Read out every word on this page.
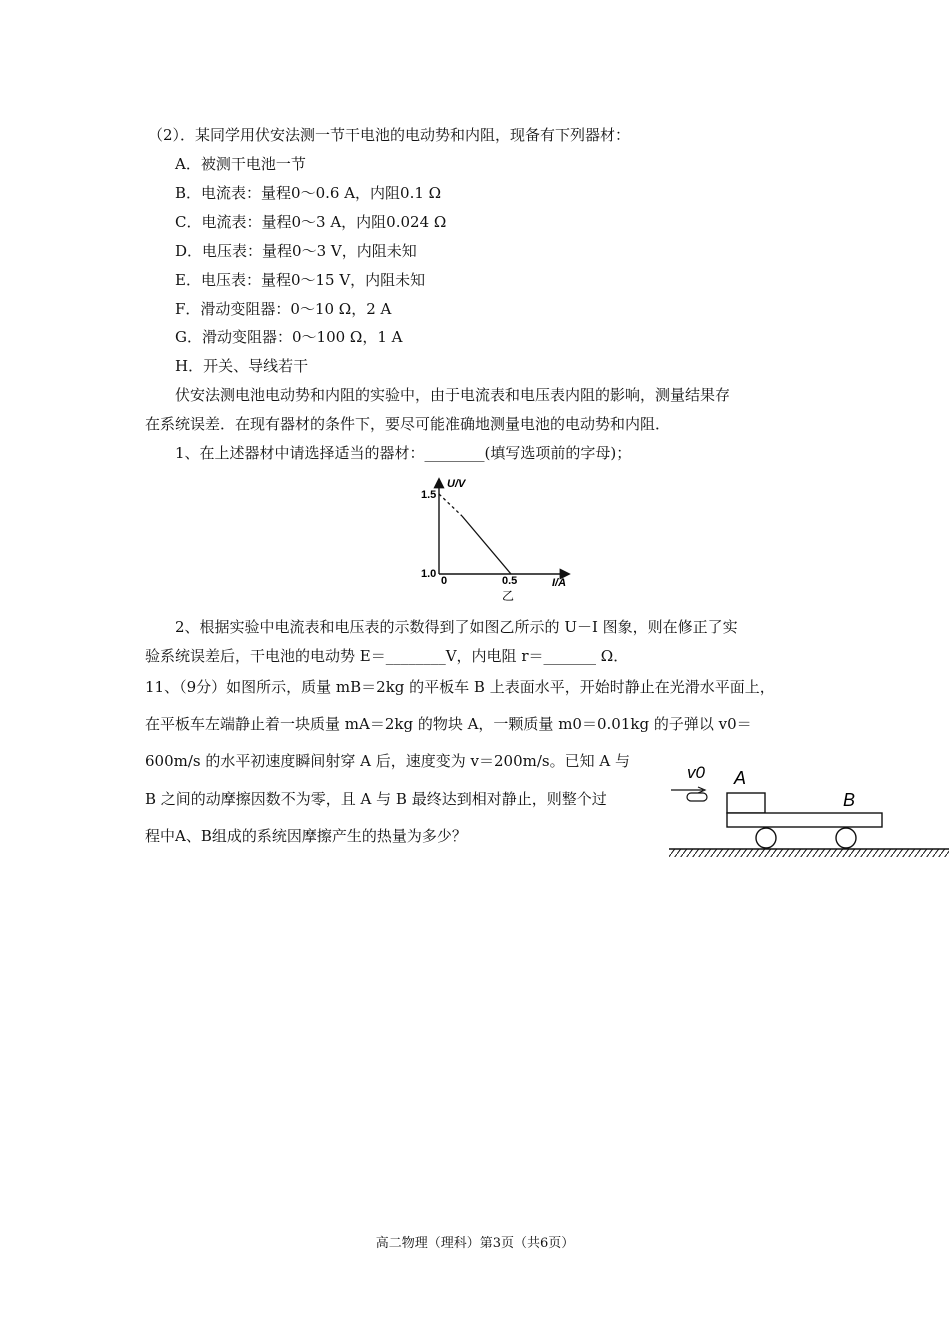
（2）．某同学用伏安法测一节干电池的电动势和内阻，现备有下列器材：
A．被测干电池一节
B．电流表：量程0～0.6 A，内阻0.1 Ω
C．电流表：量程0～3 A，内阻0.024 Ω
D．电压表：量程0～3 V，内阻未知
E．电压表：量程0～15 V，内阻未知
F．滑动变阻器：0～10 Ω，2 A
G．滑动变阻器：0～100 Ω，1 A
H．开关、导线若干
伏安法测电池电动势和内阻的实验中，由于电流表和电压表内阻的影响，测量结果存
在系统误差．在现有器材的条件下，要尽可能准确地测量电池的电动势和内阻．
1、在上述器材中请选择适当的器材：________(填写选项前的字母)；
U/V
1.5
1.0
0	0.5	I/A
乙
2、根据实验中电流表和电压表的示数得到了如图乙所示的 U－I 图象，则在修正了实
验系统误差后，干电池的电动势 E＝________V，内电阻 r＝_______ Ω．
11、（9分）如图所示，质量 mB＝2kg 的平板车 B 上表面水平，开始时静止在光滑水平面上，
在平板车左端静止着一块质量 mA＝2kg 的物块 A，一颗质量 m0＝0.01kg 的子弹以 v0＝
600m/s 的水平初速度瞬间射穿 A 后，速度变为 v＝200m/s。已知 A 与
B 之间的动摩擦因数不为零，且 A 与 B 最终达到相对静止，则整个过
程中A、B组成的系统因摩擦产生的热量为多少？
v0 A
B
高二物理（理科）第3页（共6页）
